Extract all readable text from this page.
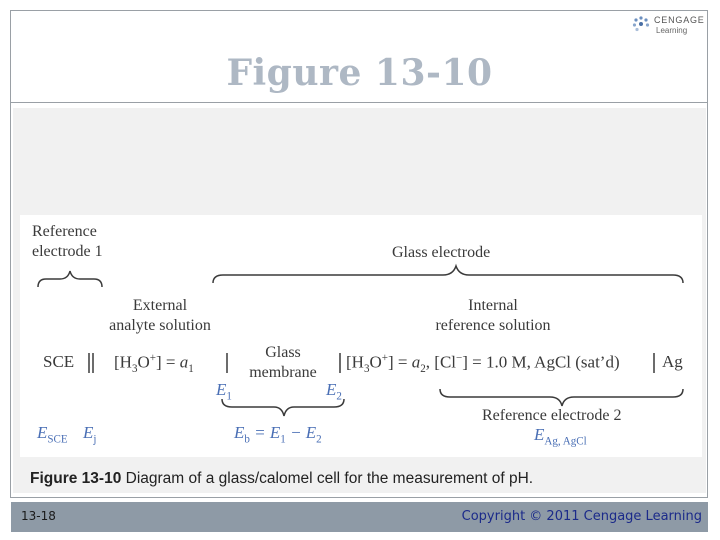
Figure 13-10
CENGAGE
Learning
Reference
electrode 1	Glass electrode
External
analyte solution
Internal
reference solution
Glass
membrane
SCE $[H_3O^+] = a_1$	$[H_3O^+] = a_2$, [Cl−] = 1.0 M, AgCl (sat’d) Ag
$E_1$	$E_2$
Reference electrode 2
$E_{SCE}$ $E_j$	$E_b = E_1 - E_2$	$E_{Ag, AgCl}$
Figure 13-10 Diagram of a glass/calomel cell for the measurement of pH.
13-18	Copyright © 2011 Cengage Learning
